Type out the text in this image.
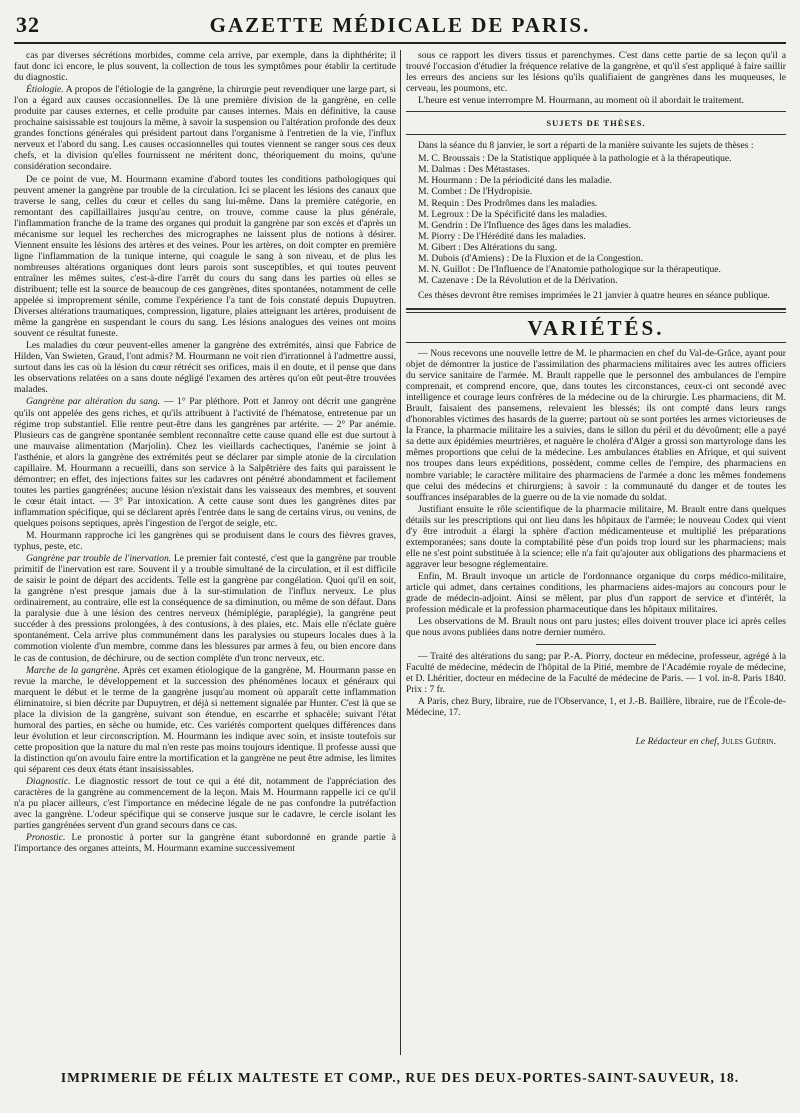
32	GAZETTE MÉDICALE DE PARIS.

cas par diverses sécrétions morbides, comme cela arrive, par exemple, dans la diphthérite; il faut donc ici encore, le plus souvent, la collection de tous les symptômes pour établir la certitude du diagnostic.

Étiologie. A propos de l'étiologie de la gangrène, la chirurgie peut revendiquer une large part, si l'on a égard aux causes occasionnelles. De là une première division de la gangrène, en celle produite par causes externes, et celle produite par causes internes. Mais en définitive, la cause prochaine saisissable est toujours la même, à savoir la suspension ou l'altération profonde des deux grandes fonctions générales qui président partout dans l'organisme à l'entretien de la vie, l'influx nerveux et l'abord du sang. Les causes occasionnelles qui toutes viennent se ranger sous ces deux chefs, et la division qu'elles fournissent ne méritent donc, théoriquement du moins, qu'une considération secondaire.

De ce point de vue, M. Hourmann examine d'abord toutes les conditions pathologiques qui peuvent amener la gangrène par trouble de la circulation. Ici se placent les lésions des canaux que traverse le sang, celles du cœur et celles du sang lui-même. Dans la première catégorie, en remontant des capillaillaires jusqu'au centre, on trouve, comme cause la plus générale, l'inflammation franche de la trame des organes qui produit la gangrène par son excès et d'après un mécanisme sur lequel les recherches des micrographes ne laissent plus de notions à désirer. Viennent ensuite les lésions des artères et des veines. Pour les artères, on doit compter en première ligne l'inflammation de la tunique interne, qui coagule le sang à son niveau, et de plus les nombreuses altérations organiques dont leurs parois sont susceptibles, et qui toutes peuvent entraîner les mêmes suites, c'est-à-dire l'arrêt du cours du sang dans les parties où elles se distribuent; telle est la source de beaucoup de ces gangrènes, dites spontanées, notamment de celle appelée si improprement sénile, comme l'expérience l'a tant de fois constaté depuis Dupuytren. Diverses altérations traumatiques, compression, ligature, plaies atteignant les artères, produisent de même la gangrène en suspendant le cours du sang. Les lésions analogues des veines ont moins souvent ce résultat funeste.

Les maladies du cœur peuvent-elles amener la gangrène des extrémités, ainsi que Fabrice de Hilden, Van Swieten, Graud, l'ont admis? M. Hourmann ne voit rien d'irrationnel à l'admettre aussi, surtout dans les cas où la lésion du cœur rétrécit ses orifices, mais il en doute, et il pense que dans les observations relatées on a sans doute négligé l'examen des artères qu'on eût peut-être trouvées malades.

Gangrène par altération du sang. — 1° Par pléthore. Pott et Janroy ont décrit une gangrène qu'ils ont appelée des gens riches, et qu'ils attribuent à l'activité de l'hématose, entretenue par un régime trop substantiel. Elle rentre peut-être dans les gangrènes par artérite. — 2° Par anémie. Plusieurs cas de gangrène spontanée semblent reconnaître cette cause quand elle est due surtout à une mauvaise alimentation (Marjolin). Chez les vieillards cachectiques, l'anémie se joint à l'asthénie, et alors la gangrène des extrémités peut se déclarer par simple atonie de la circulation capillaire. M. Hourmann a recueilli, dans son service à la Salpêtrière des faits qui paraissent le démontrer; en effet, des injections faites sur les cadavres ont pénétré abondamment et facilement toutes les parties gangrénées; aucune lésion n'existait dans les vaisseaux des membres, et souvent le cœur était intact. — 3° Par intoxication. A cette cause sont dues les gangrènes dites par inflammation spécifique, qui se déclarent après l'entrée dans le sang de certains virus, ou venins, de quelques poisons septiques, après l'ingestion de l'ergot de seigle, etc.

M. Hourmann rapproche ici les gangrènes qui se produisent dans le cours des fièvres graves, typhus, peste, etc.

Gangrène par trouble de l'inervation. Le premier fait contesté, c'est que la gangrène par trouble primitif de l'inervation est rare. Souvent il y a trouble simultané de la circulation, et il est difficile de saisir le point de départ des accidents. Telle est la gangrène par congélation. Quoi qu'il en soit, la gangrène n'est presque jamais due à la sur-stimulation de l'influx nerveux. Le plus ordinairement, au contraire, elle est la conséquence de sa diminution, ou même de son défaut. Dans la paralysie due à une lésion des centres nerveux (hémiplégie, paraplégie), la gangrène peut succéder à des pressions prolongées, à des contusions, à des plaies, etc. Mais elle n'éclate guère spontanément. Cela arrive plus communément dans les paralysies ou stupeurs locales dues à la commotion violente d'un membre, comme dans les blessures par armes à feu, ou bien encore dans le cas de contusion, de déchirure, ou de section complète d'un tronc nerveux, etc.

Marche de la gangrène. Après cet examen étiologique de la gangrène, M. Hourmann passe en revue la marche, le développement et la succession des phénomènes locaux et généraux qui marquent le début et le terme de la gangrène jusqu'au moment où apparaît cette inflammation éliminatoire, si bien décrite par Dupuytren, et déjà si nettement signalée par Hunter. C'est là que se place la division de la gangrène, suivant son étendue, en escarrhe et sphacèle; suivant l'état humoral des parties, en sèche ou humide, etc. Ces variétés comportent quelques différences dans leur évolution et leur circonscription. M. Hourmann les indique avec soin, et insiste toutefois sur cette proposition que la nature du mal n'en reste pas moins toujours identique. Il professe aussi que la distinction qu'on avoulu faire entre la mortification et la gangrène ne peut être admise, les limites qui séparent ces deux états étant insaisissables.

Diagnostic. Le diagnostic ressort de tout ce qui a été dit, notamment de l'appréciation des caractères de la gangrène au commencement de la leçon. Mais M. Hourmann rappelle ici ce qu'il n'a pu placer ailleurs, c'est l'importance en médecine légale de ne pas confondre la putréfaction avec la gangrène. L'odeur spécifique qui se conserve jusque sur le cadavre, le cercle isolant les parties gangrénées servent d'un grand secours dans ce cas.

Pronostic. Le pronostic à porter sur la gangrène étant subordonné en grande partie à l'importance des organes atteints, M. Hourmann examine successivement

sous ce rapport les divers tissus et parenchymes. C'est dans cette partie de sa leçon qu'il a trouvé l'occasion d'étudier la fréquence relative de la gangrène, et qu'il s'est appliqué à faire saillir les erreurs des anciens sur les lésions qu'ils qualifiaient de gangrènes dans les muqueuses, le cerveau, les poumons, etc.

L'heure est venue interrompre M. Hourmann, au moment où il abordait le traitement.

SUJETS DE THÈSES.

Dans la séance du 8 janvier, le sort a réparti de la manière suivante les sujets de thèses :

M. C. Broussais : De la Statistique appliquée à la pathologie et à la thérapeutique.
M. Dalmas : Des Métastases.
M. Hourmann : De la périodicité dans les maladie.
M. Combet : De l'Hydropisie.
M. Requin : Des Prodrômes dans les maladies.
M. Legroux : De la Spécificité dans les maladies.
M. Gendrin : De l'Influence des âges dans les maladies.
M. Piorry : De l'Hérédité dans les maladies.
M. Gibert : Des Altérations du sang.
M. Dubois (d'Amiens) : De la Fluxion et de la Congestion.
M. N. Guillot : De l'Influence de l'Anatomie pathologique sur la thérapeutique.
M. Cazenave : De la Révolution et de la Dérivation.

Ces thèses devront être remises imprimées le 21 janvier à quatre heures en séance publique.

VARIÉTÉS.

— Nous recevons une nouvelle lettre de M. le pharmacien en chef du Val-de-Grâce, ayant pour objet de démontrer la justice de l'assimilation des pharmaciens militaires avec les autres officiers du service sanitaire de l'armée. M. Brault rappelle que le personnel des ambulances de l'empire comprenait, et comprend encore, que, dans toutes les circonstances, ceux-ci ont secondé avec intelligence et courage leurs confrères de la médecine ou de la chirurgie. Les pharmaciens, dit M. Brault, faisaient des pansemens, relevaient les blessés; ils ont compté dans leurs rangs d'honorables victimes des hasards de la guerre; partout où se sont portées les armes victorieuses de la France, la pharmacie militaire les a suivies, dans le sillon du péril et du dévoûment; elle a payé sa dette aux épidémies meurtrières, et naguère le choléra d'Alger a grossi son martyrologe dans les mêmes proportions que celui de la médecine. Les ambulances établies en Afrique, et qui suivent nos troupes dans leurs expéditions, possèdent, comme celles de l'empire, des pharmaciens en nombre variable; le caractère militaire des pharmaciens de l'armée a donc les mêmes fondemens que celui des médecins et chirurgiens; à savoir : la communauté du danger et de toutes les souffrances inséparables de la guerre ou de la vie nomade du soldat.

Justifiant ensuite le rôle scientifique de la pharmacie militaire, M. Brault entre dans quelques détails sur les prescriptions qui ont lieu dans les hôpitaux de l'armée; le nouveau Codex qui vient d'y être introduit a élargi la sphère d'action médicamenteuse et multiplié les préparations extemporanées; sans doute la comptabilité pèse d'un poids trop lourd sur les pharmaciens; mais elle ne s'est point substituée à la science; elle n'a fait qu'ajouter aux obligations des pharmaciens et aggraver leur besogne réglementaire.

Enfin, M. Brault invoque un article de l'ordonnance organique du corps médico-militaire, article qui admet, dans certaines conditions, les pharmaciens aides-majors au concours pour le grade de médecin-adjoint. Ainsi se mêlent, par plus d'un rapport de service et d'intérêt, la profession médicale et la profession pharmaceutique dans les hôpitaux militaires.

Les observations de M. Brault nous ont paru justes; elles doivent trouver place ici après celles que nous avons publiées dans notre dernier numéro.

— Traité des altérations du sang; par P.-A. Piorry, docteur en médecine, professeur, agrégé à la Faculté de médecine, médecin de l'hôpital de la Pitié, membre de l'Académie royale de médecine, et D. Lhéritier, docteur en médecine de la Faculté de médecine de Paris. — 1 vol. in-8. Paris 1840. Prix : 7 fr.

A Paris, chez Bury, libraire, rue de l'Observance, 1, et J.-B. Baillère, libraire, rue de l'École-de-Médecine, 17.

Le Rédacteur en chef, Jules Guérin.
IMPRIMERIE DE FÉLIX MALTESTE ET COMP., RUE DES DEUX-PORTES-SAINT-SAUVEUR, 18.
